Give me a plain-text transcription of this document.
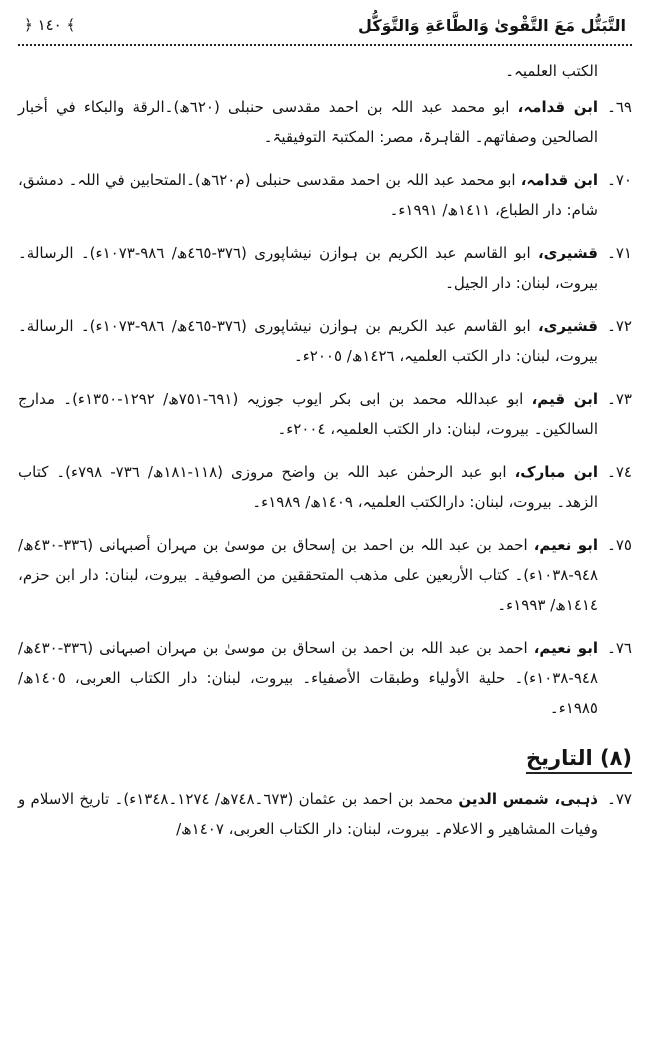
التَّبَتُّل مَعَ التَّقْوىٰ وَالطَّاعَةِ وَالتَّوَكُّل
﴾ ١٤٠ ﴿
الکتب العلمیہ۔
٦٩۔
ابن قدامہ، ابو محمد عبد اللہ بن احمد مقدسی حنبلی (٦٢٠ھ)۔الرقة والبکاء في أخبار الصالحين وصفاتهم۔ القاہرۃ، مصر: المکتبۃ التوفیقیۃ۔
٧٠۔
ابن قدامہ، ابو محمد عبد اللہ بن احمد مقدسی حنبلی (م٦٢٠ھ)۔المتحابين في اللہ۔ دمشق، شام: دار الطباع، ١٤١١ھ/ ١٩٩١ء۔
٧١۔
قشیری، ابو القاسم عبد الکریم بن ہوازن نیشاپوری (٣٧٦-٤٦٥ھ/ ٩٨٦-١٠٧٣ء)۔ الرسالة۔ بیروت، لبنان: دار الجیل۔
٧٢۔
قشیری، ابو القاسم عبد الکریم بن ہوازن نیشاپوری (٣٧٦-٤٦٥ھ/ ٩٨٦-١٠٧٣ء)۔ الرسالة۔ بیروت، لبنان: دار الکتب العلمیہ، ١٤٢٦ھ/ ٢٠٠٥ء۔
٧٣۔
ابن قیم، ابو عبداللہ محمد بن ابی بکر ایوب جوزیہ (٦٩١-٧٥١ھ/ ١٢٩٢-١٣٥٠ء)۔ مدارج السالکين۔ بیروت، لبنان: دار الکتب العلمیہ، ٢٠٠٤ء۔
٧٤۔
ابن مبارک، ابو عبد الرحمٰن عبد اللہ بن واضح مروزی (١١٨-١٨١ھ/ ٧٣٦- ٧٩٨ء)۔ کتاب الزهد۔ بیروت، لبنان: دارالکتب العلمیہ، ١٤٠٩ھ/ ١٩٨٩ء۔
٧٥۔
ابو نعیم، احمد بن عبد اللہ بن احمد بن إسحاق بن موسیٰ بن مہران أصبہانی (٣٣٦-٤٣٠ھ/ ٩٤٨-١٠٣٨ء)۔ کتاب الأربعين على مذهب المتحققين من الصوفية۔ بیروت، لبنان: دار ابن حزم، ١٤١٤ھ/ ١٩٩٣ء۔
٧٦۔
ابو نعیم، احمد بن عبد اللہ بن احمد بن اسحاق بن موسیٰ بن مہران اصبہانی (٣٣٦-٤٣٠ھ/ ٩٤٨-١٠٣٨ء)۔ حلية الأولياء وطبقات الأصفياء۔ بیروت، لبنان: دار الکتاب العربی، ١٤٠٥ھ/ ١٩٨٥ء۔
(٨) التاريخ
٧٧۔
ذہبی، شمس الدین محمد بن احمد بن عثمان (٦٧٣۔٧٤٨ھ/ ١٢٧٤۔١٣٤٨ء)۔ تاريخ الاسلام و وفيات المشاهير و الاعلام۔ بیروت، لبنان: دار الکتاب العربی، ١٤٠٧ھ/
